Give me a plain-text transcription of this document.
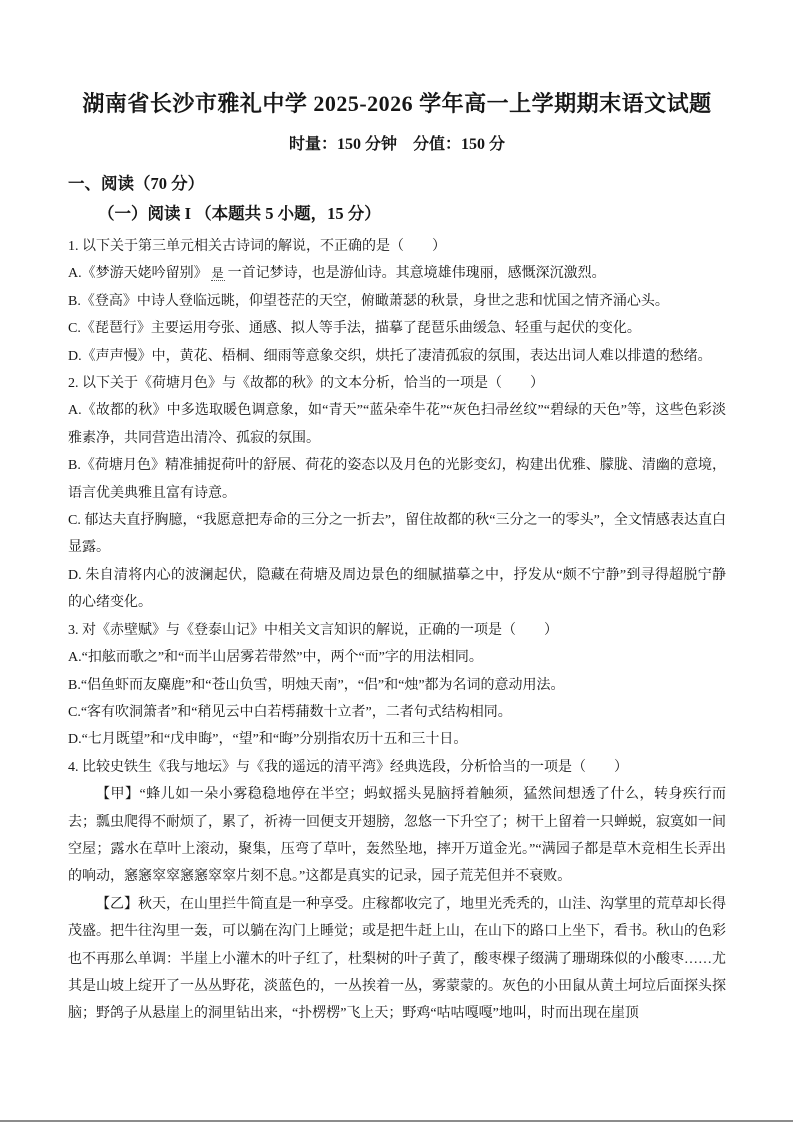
湖南省长沙市雅礼中学 2025-2026 学年高一上学期期末语文试题

时量：150 分钟　分值：150 分

一、阅读（70 分）
（一）阅读 I （本题共 5 小题，15 分）

1. 以下关于第三单元相关古诗词的解说，不正确的是（　　）

A.《梦游天姥吟留别》 是 一首记梦诗，也是游仙诗。其意境雄伟瑰丽，感慨深沉激烈。

B.《登高》中诗人登临远眺，仰望苍茫的天空，俯瞰萧瑟的秋景，身世之悲和忧国之情齐涌心头。

C.《琵琶行》主要运用夸张、通感、拟人等手法，描摹了琵琶乐曲缓急、轻重与起伏的变化。

D.《声声慢》中，黄花、梧桐、细雨等意象交织，烘托了凄清孤寂的氛围，表达出词人难以排遣的愁绪。

2. 以下关于《荷塘月色》与《故都的秋》的文本分析，恰当的一项是（　　）

A.《故都的秋》中多选取暖色调意象，如“青天”“蓝朵牵牛花”“灰色扫帚丝纹”“碧绿的天色”等，这些色彩淡雅素净，共同营造出清冷、孤寂的氛围。

B.《荷塘月色》精准捕捉荷叶的舒展、荷花的姿态以及月色的光影变幻，构建出优雅、朦胧、清幽的意境，语言优美典雅且富有诗意。

C. 郁达夫直抒胸臆，“我愿意把寿命的三分之一折去”，留住故都的秋“三分之一的零头”，全文情感表达直白显露。

D. 朱自清将内心的波澜起伏，隐藏在荷塘及周边景色的细腻描摹之中，抒发从“颇不宁静”到寻得超脱宁静的心绪变化。

3. 对《赤壁赋》与《登泰山记》中相关文言知识的解说，正确的一项是（　　）

A.“扣舷而歌之”和“而半山居雾若带然”中，两个“而”字的用法相同。

B.“侣鱼虾而友麋鹿”和“苍山负雪，明烛天南”，“侣”和“烛”都为名词的意动用法。

C.“客有吹洞箫者”和“稍见云中白若樗蒱数十立者”，二者句式结构相同。

D.“七月既望”和“戊申晦”，“望”和“晦”分别指农历十五和三十日。

4. 比较史铁生《我与地坛》与《我的遥远的清平湾》经典选段，分析恰当的一项是（　　）

【甲】“蜂儿如一朵小雾稳稳地停在半空；蚂蚁摇头晃脑捋着触须，猛然间想透了什么，转身疾行而去；瓢虫爬得不耐烦了，累了，祈祷一回便支开翅膀，忽悠一下升空了；树干上留着一只蝉蜕，寂寞如一间空屋；露水在草叶上滚动，聚集，压弯了草叶，轰然坠地，摔开万道金光。”“满园子都是草木竞相生长弄出的响动，窸窸窣窣窸窸窣窣片刻不息。”这都是真实的记录，园子荒芜但并不衰败。

【乙】秋天，在山里拦牛简直是一种享受。庄稼都收完了，地里光秃秃的，山洼、沟掌里的荒草却长得茂盛。把牛往沟里一轰，可以躺在沟门上睡觉；或是把牛赶上山，在山下的路口上坐下，看书。秋山的色彩也不再那么单调：半崖上小灌木的叶子红了，杜梨树的叶子黄了，酸枣棵子缀满了珊瑚珠似的小酸枣……尤其是山坡上绽开了一丛丛野花，淡蓝色的，一丛挨着一丛，雾蒙蒙的。灰色的小田鼠从黄土坷垃后面探头探脑；野鸽子从悬崖上的洞里钻出来，“扑楞楞”飞上天；野鸡“咕咕嘎嘎”地叫，时而出现在崖顶
